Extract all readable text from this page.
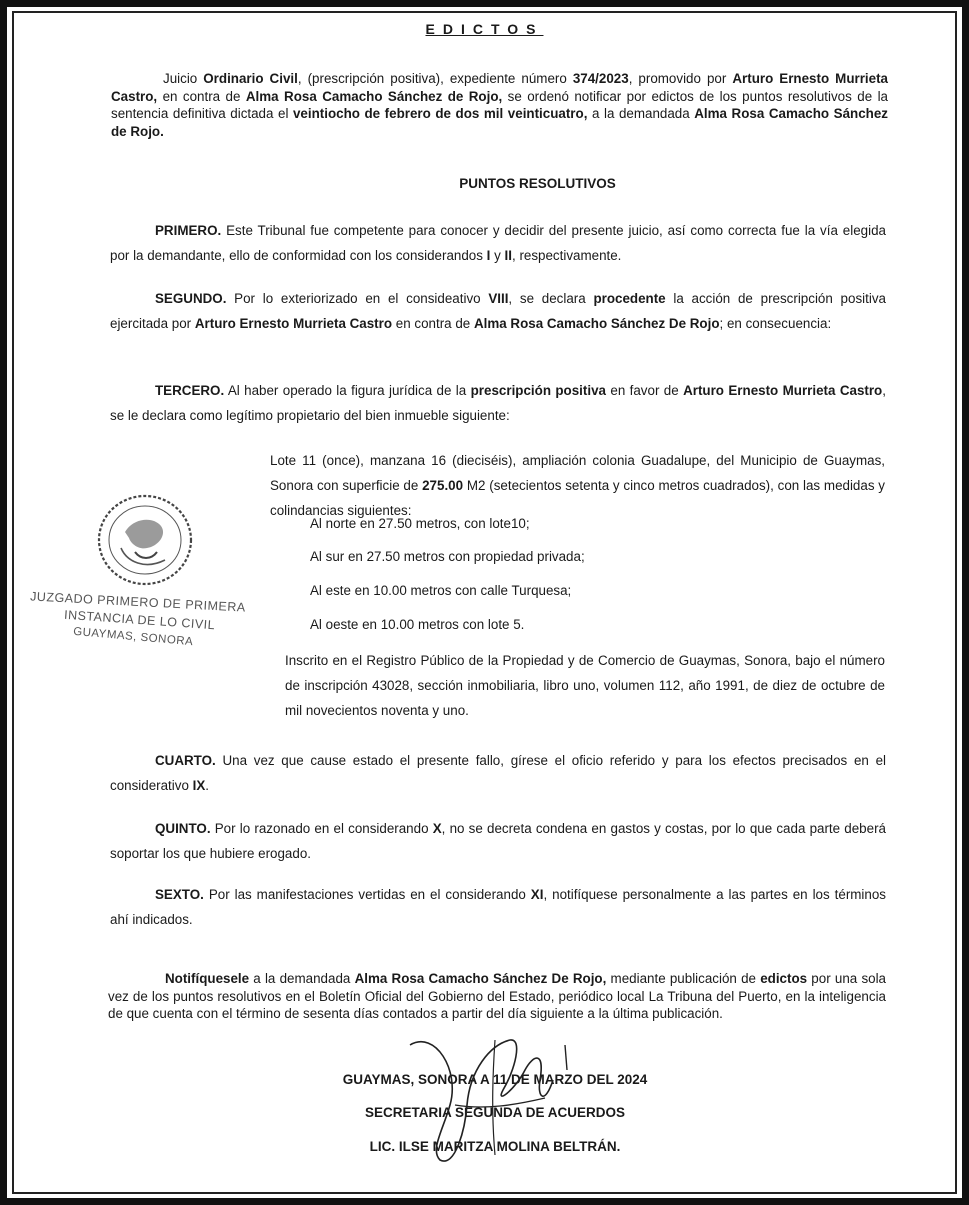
EDICTOS

Juicio Ordinario Civil, (prescripción positiva), expediente número 374/2023, promovido por Arturo Ernesto Murrieta Castro, en contra de Alma Rosa Camacho Sánchez de Rojo, se ordenó notificar por edictos de los puntos resolutivos de la sentencia definitiva dictada el veintiocho de febrero de dos mil veinticuatro, a la demandada Alma Rosa Camacho Sánchez de Rojo.

PUNTOS RESOLUTIVOS

PRIMERO. Este Tribunal fue competente para conocer y decidir del presente juicio, así como correcta fue la vía elegida por la demandante, ello de conformidad con los considerandos I y II, respectivamente.

SEGUNDO. Por lo exteriorizado en el consideativo VIII, se declara procedente la acción de prescripción positiva ejercitada por Arturo Ernesto Murrieta Castro en contra de Alma Rosa Camacho Sánchez De Rojo; en consecuencia:

TERCERO. Al haber operado la figura jurídica de la prescripción positiva en favor de Arturo Ernesto Murrieta Castro, se le declara como legítimo propietario del bien inmueble siguiente:

Lote 11 (once), manzana 16 (dieciséis), ampliación colonia Guadalupe, del Municipio de Guaymas, Sonora con superficie de 275.00 M2 (setecientos setenta y cinco metros cuadrados), con las medidas y colindancias siguientes:

Al norte en 27.50 metros, con lote10;
Al sur en 27.50 metros con propiedad privada;
Al este en 10.00 metros con calle Turquesa;
Al oeste en 10.00 metros con lote 5.

Inscrito en el Registro Público de la Propiedad y de Comercio de Guaymas, Sonora, bajo el número de inscripción 43028, sección inmobiliaria, libro uno, volumen 112, año 1991, de diez de octubre de mil novecientos noventa y uno.

CUARTO. Una vez que cause estado el presente fallo, gírese el oficio referido y para los efectos precisados en el considerativo IX.

QUINTO. Por lo razonado en el considerando X, no se decreta condena en gastos y costas, por lo que cada parte deberá soportar los que hubiere erogado.

SEXTO. Por las manifestaciones vertidas en el considerando XI, notifíquese personalmente a las partes en los términos ahí indicados.

Notifíquesele a la demandada Alma Rosa Camacho Sánchez De Rojo, mediante publicación de edictos por una sola vez de los puntos resolutivos en el Boletín Oficial del Gobierno del Estado, periódico local La Tribuna del Puerto, en la inteligencia de que cuenta con el término de sesenta días contados a partir del día siguiente a la última publicación.

GUAYMAS, SONORA A 11 DE MARZO DEL 2024
SECRETARIA SEGUNDA DE ACUERDOS
LIC. ILSE MARITZA MOLINA BELTRÁN.
JUZGADO PRIMERO DE PRIMERA
INSTANCIA DE LO CIVIL
GUAYMAS, SONORA
